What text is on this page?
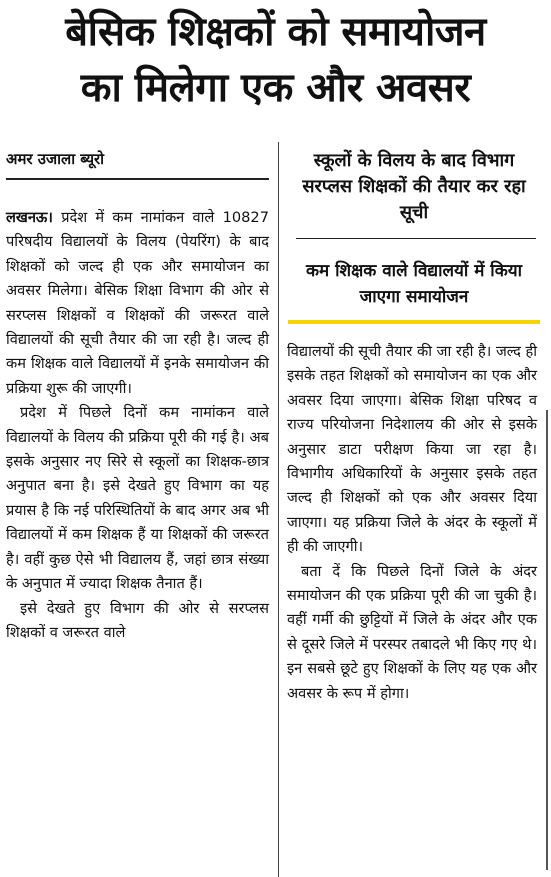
बेसिक शिक्षकों को समायोजन
का मिलेगा एक और अवसर
अमर उजाला ब्यूरो	स्कूलों के विलय के बाद विभाग सरप्लस शिक्षकों की तैयार कर रहा सूची
कम शिक्षक वाले विद्यालयों में किया जाएगा समायोजन

लखनऊ। प्रदेश में कम नामांकन वाले 10827 परिषदीय विद्यालयों के विलय (पेयरिंग) के बाद शिक्षकों को जल्द ही एक और समायोजन का अवसर मिलेगा। बेसिक शिक्षा विभाग की ओर से सरप्लस शिक्षकों व शिक्षकों की जरूरत वाले विद्यालयों की सूची तैयार की जा रही है। जल्द ही कम शिक्षक वाले विद्यालयों में इनके समायोजन की प्रक्रिया शुरू की जाएगी।

प्रदेश में पिछले दिनों कम नामांकन वाले विद्यालयों के विलय की प्रक्रिया पूरी की गई है। अब इसके अनुसार नए सिरे से स्कूलों का शिक्षक-छात्र अनुपात बना है। इसे देखते हुए विभाग का यह प्रयास है कि नई परिस्थितियों के बाद अगर अब भी विद्यालयों में कम शिक्षक हैं या शिक्षकों की जरूरत है। वहीं कुछ ऐसे भी विद्यालय हैं, जहां छात्र संख्या के अनुपात में ज्यादा शिक्षक तैनात हैं।

इसे देखते हुए विभाग की ओर से सरप्लस शिक्षकों व जरूरत वाले

विद्यालयों की सूची तैयार की जा रही है। जल्द ही इसके तहत शिक्षकों को समायोजन का एक और अवसर दिया जाएगा। बेसिक शिक्षा परिषद व राज्य परियोजना निदेशालय की ओर से इसके अनुसार डाटा परीक्षण किया जा रहा है। विभागीय अधिकारियों के अनुसार इसके तहत जल्द ही शिक्षकों को एक और अवसर दिया जाएगा। यह प्रक्रिया जिले के अंदर के स्कूलों में ही की जाएगी।

बता दें कि पिछले दिनों जिले के अंदर समायोजन की एक प्रक्रिया पूरी की जा चुकी है। वहीं गर्मी की छुट्टियों में जिले के अंदर और एक से दूसरे जिले में परस्पर तबादले भी किए गए थे। इन सबसे छूटे हुए शिक्षकों के लिए यह एक और अवसर के रूप में होगा।
